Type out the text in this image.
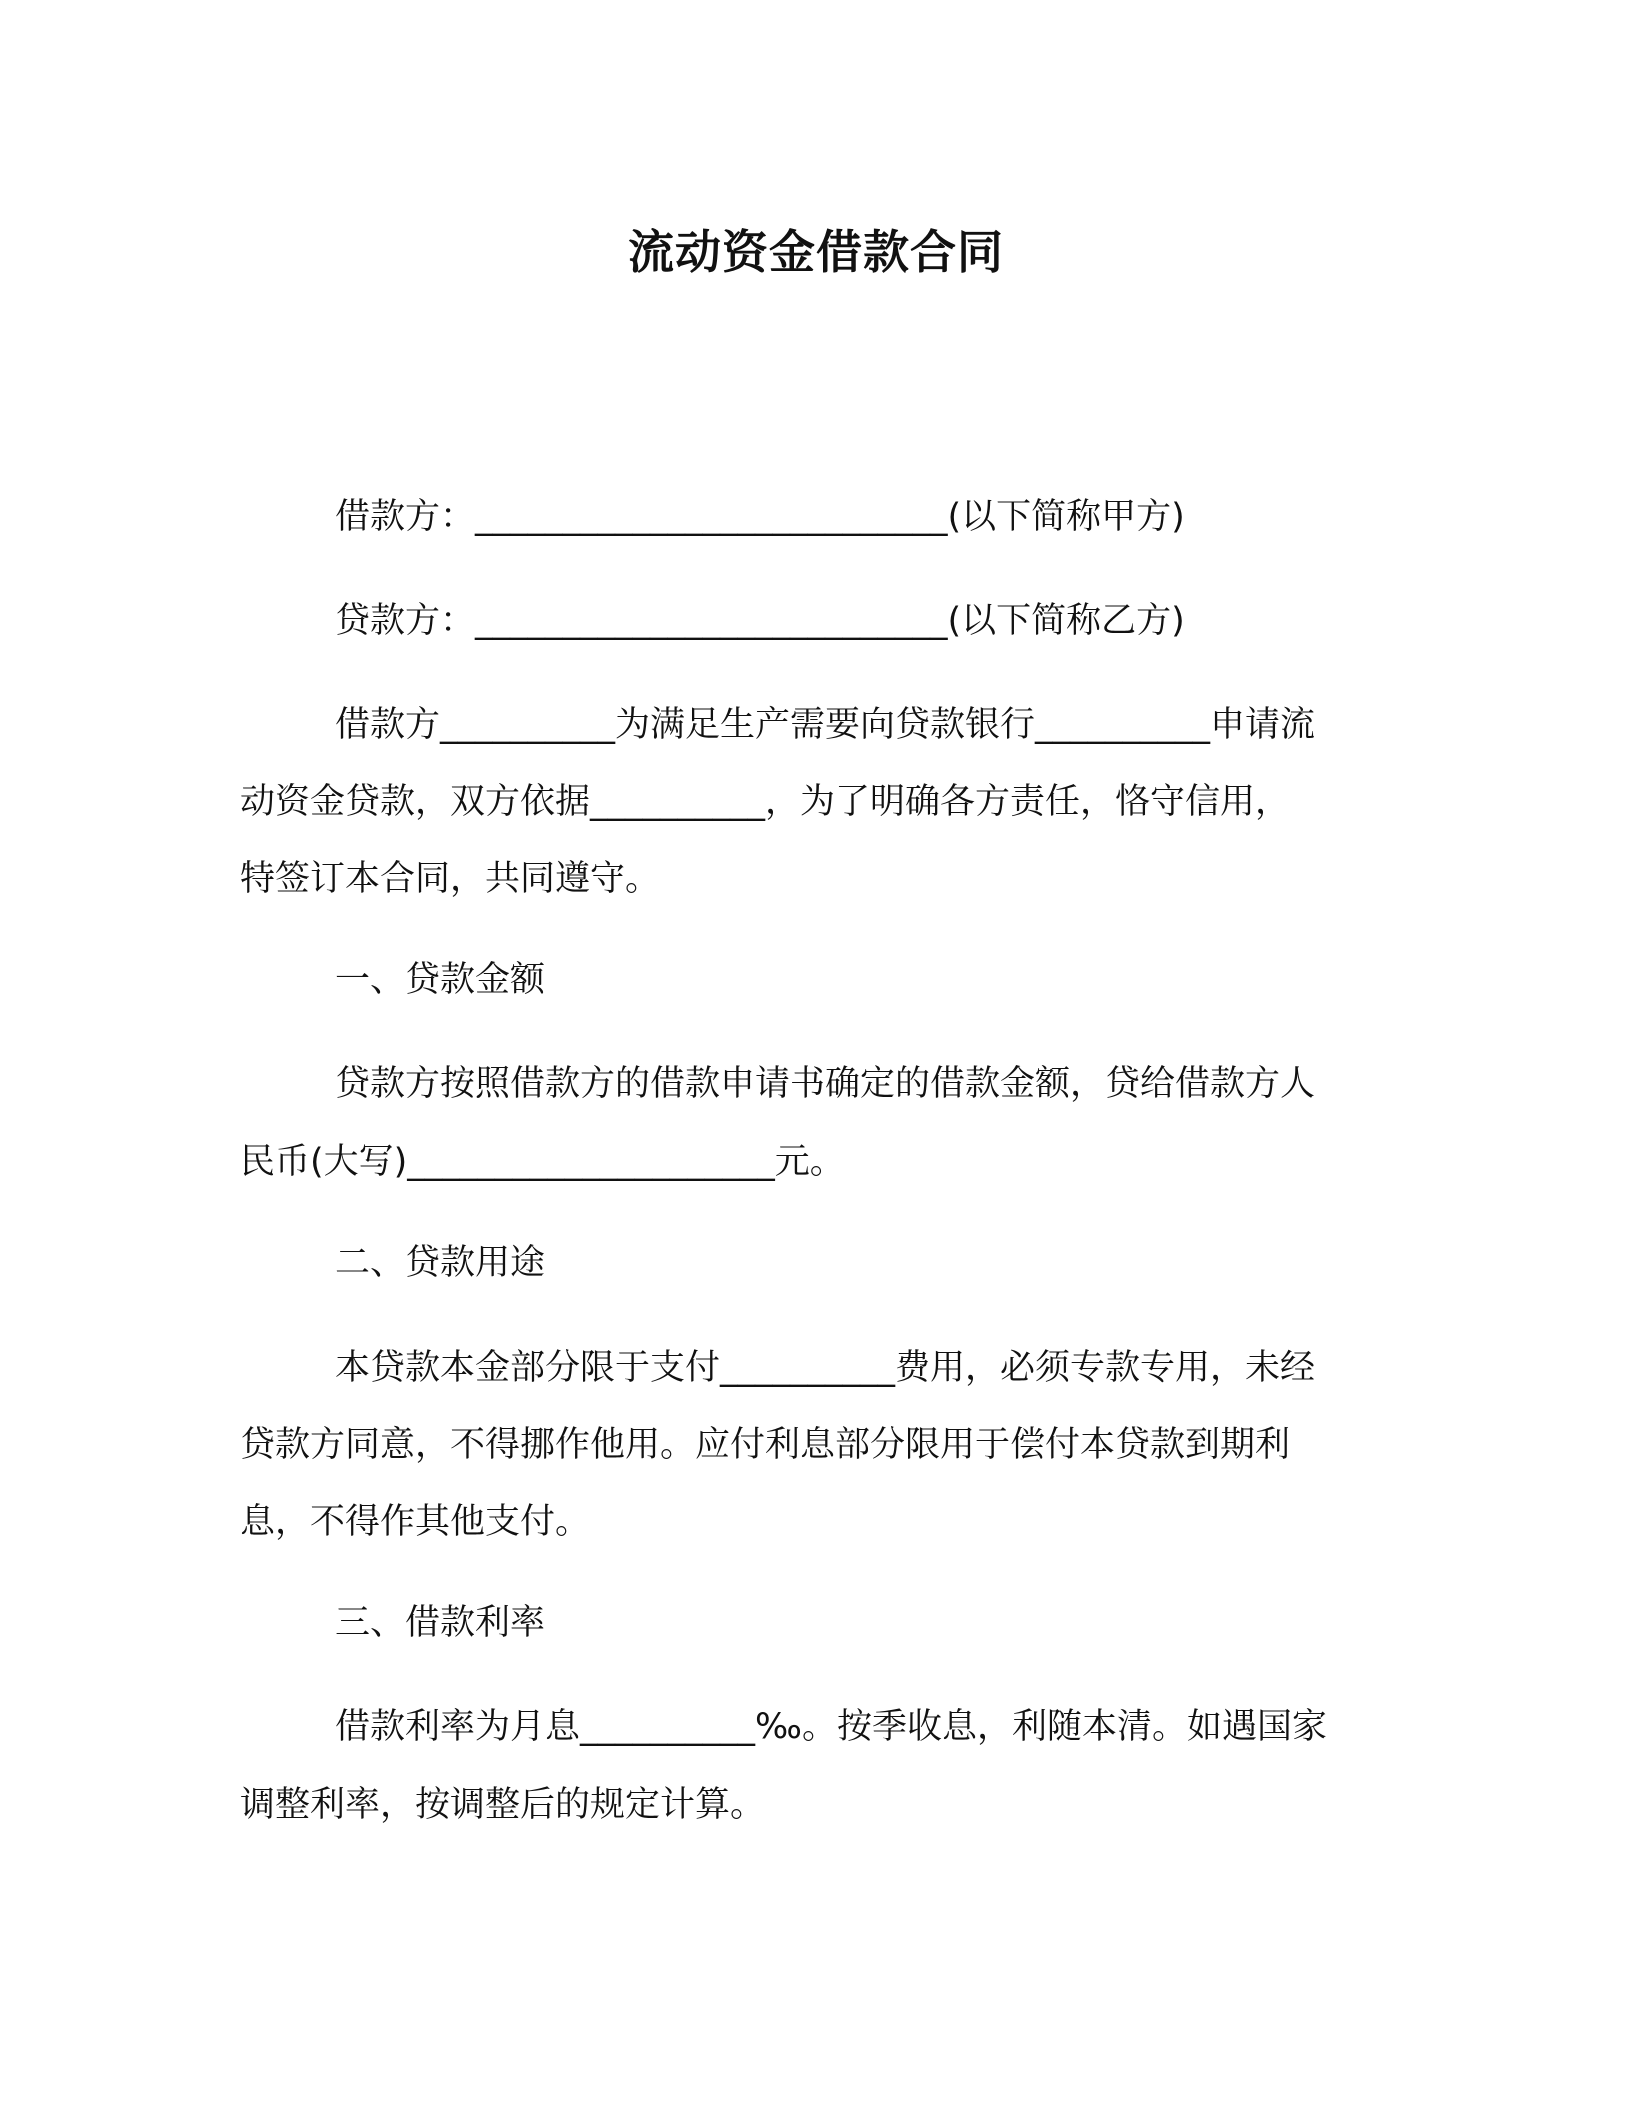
流动资金借款合同

借款方：___________________________(以下简称甲方)

贷款方：___________________________(以下简称乙方)

借款方__________为满足生产需要向贷款银行__________申请流

动资金贷款，双方依据__________，为了明确各方责任，恪守信用，

特签订本合同，共同遵守。

一、贷款金额

贷款方按照借款方的借款申请书确定的借款金额，贷给借款方人

民币(大写)_____________________元。

二、贷款用途

本贷款本金部分限于支付__________费用，必须专款专用，未经

贷款方同意，不得挪作他用。应付利息部分限用于偿付本贷款到期利

息，不得作其他支付。

三、借款利率

借款利率为月息__________‰。按季收息，利随本清。如遇国家

调整利率，按调整后的规定计算。
